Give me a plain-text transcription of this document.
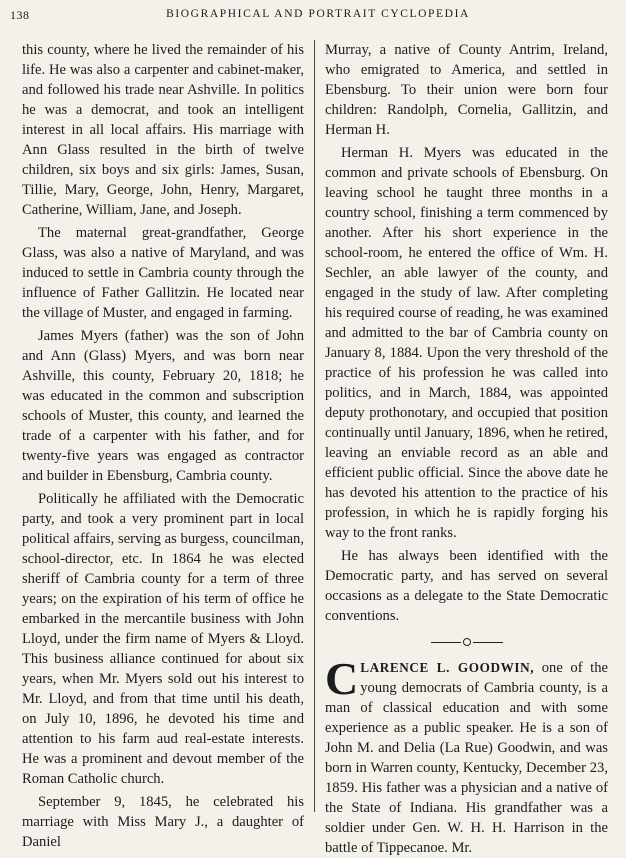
138	BIOGRAPHICAL AND PORTRAIT CYCLOPEDIA

this county, where he lived the remainder of his life. He was also a carpenter and cabinet-maker, and followed his trade near Ashville. In politics he was a democrat, and took an intelligent interest in all local affairs. His marriage with Ann Glass resulted in the birth of twelve children, six boys and six girls: James, Susan, Tillie, Mary, George, John, Henry, Margaret, Catherine, William, Jane, and Joseph.

The maternal great-grandfather, George Glass, was also a native of Maryland, and was induced to settle in Cambria county through the influence of Father Gallitzin. He located near the village of Muster, and engaged in farming.

James Myers (father) was the son of John and Ann (Glass) Myers, and was born near Ashville, this county, February 20, 1818; he was educated in the common and subscription schools of Muster, this county, and learned the trade of a carpenter with his father, and for twenty-five years was engaged as contractor and builder in Ebensburg, Cambria county.

Politically he affiliated with the Democratic party, and took a very prominent part in local political affairs, serving as burgess, councilman, school-director, etc. In 1864 he was elected sheriff of Cambria county for a term of three years; on the expiration of his term of office he embarked in the mercantile business with John Lloyd, under the firm name of Myers & Lloyd. This business alliance continued for about six years, when Mr. Myers sold out his interest to Mr. Lloyd, and from that time until his death, on July 10, 1896, he devoted his time and attention to his farm aud real-estate interests. He was a prominent and devout member of the Roman Catholic church.

September 9, 1845, he celebrated his marriage with Miss Mary J., a daughter of Daniel

Murray, a native of County Antrim, Ireland, who emigrated to America, and settled in Ebensburg. To their union were born four children: Randolph, Cornelia, Gallitzin, and Herman H.

Herman H. Myers was educated in the common and private schools of Ebensburg. On leaving school he taught three months in a country school, finishing a term commenced by another. After his short experience in the school-room, he entered the office of Wm. H. Sechler, an able lawyer of the county, and engaged in the study of law. After completing his required course of reading, he was examined and admitted to the bar of Cambria county on January 8, 1884. Upon the very threshold of the practice of his profession he was called into politics, and in March, 1884, was appointed deputy prothonotary, and occupied that position continually until January, 1896, when he retired, leaving an enviable record as an able and efficient public official. Since the above date he has devoted his attention to the practice of his profession, in which he is rapidly forging his way to the front ranks.

He has always been identified with the Democratic party, and has served on several occasions as a delegate to the State Democratic conventions.

CLARENCE L. GOODWIN, one of the young democrats of Cambria county, is a man of classical education and with some experience as a public speaker. He is a son of John M. and Delia (La Rue) Goodwin, and was born in Warren county, Kentucky, December 23, 1859. His father was a physician and a native of the State of Indiana. His grandfather was a soldier under Gen. W. H. H. Harrison in the battle of Tippecanoe. Mr.
